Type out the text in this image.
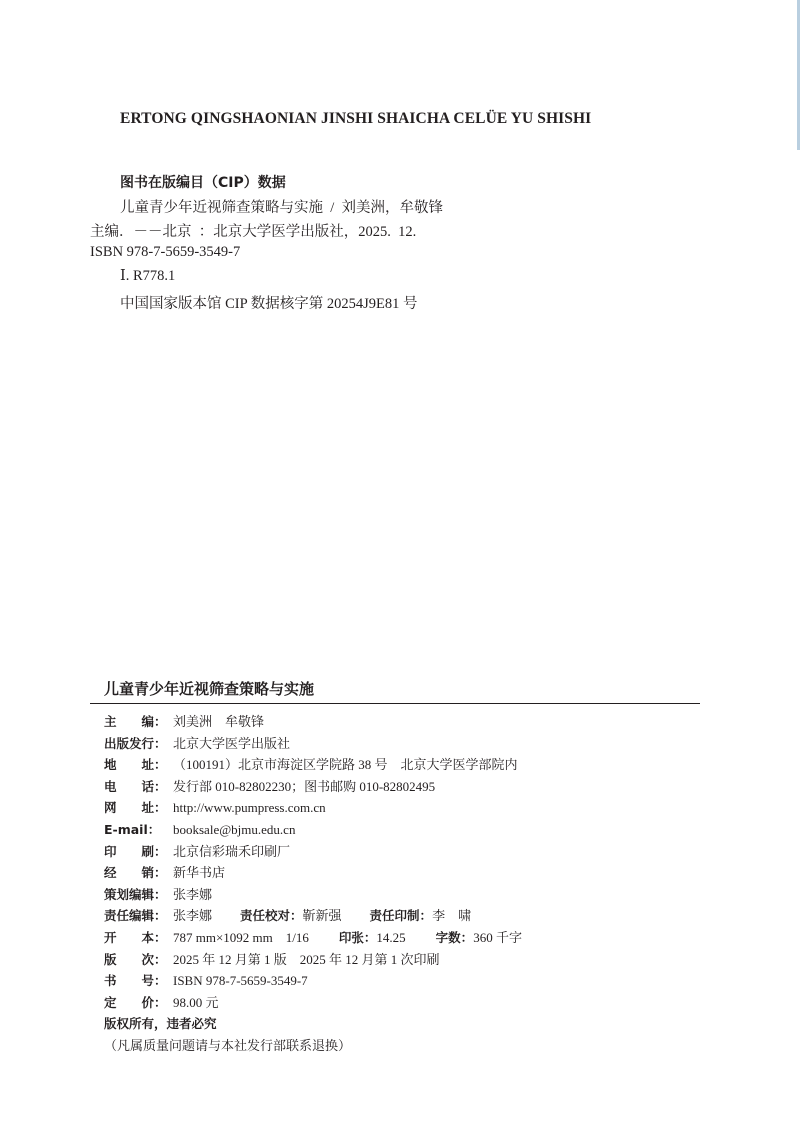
ERTONG QINGSHAONIAN JINSHI SHAICHA CELÜE YU SHISHI
图书在版编目（CIP）数据
儿童青少年近视筛查策略与实施  /  刘美洲，牟敬锋
主编．－－北京  ：北京大学医学出版社，2025.  12.
ISBN 978-7-5659-3549-7
Ⅰ. R778.1
中国国家版本馆 CIP 数据核字第 20254J9E81 号
儿童青少年近视筛查策略与实施
主　　编： 刘美洲　牟敬锋
出版发行： 北京大学医学出版社
地　　址： （100191）北京市海淀区学院路 38 号　北京大学医学部院内
电　　话： 发行部 010-82802230；图书邮购 010-82802495
网　　址： http://www.pumpress.com.cn
E-mail： booksale@bjmu.edu.cn
印　　刷： 北京信彩瑞禾印刷厂
经　　销： 新华书店
策划编辑： 张李娜
责任编辑： 张李娜 责任校对：靳新强 责任印制：李　啸
开　　本： 787 mm×1092 mm　1/16 印张：14.25 字数：360 千字
版　　次： 2025 年 12 月第 1 版　2025 年 12 月第 1 次印刷
书　　号： ISBN 978-7-5659-3549-7
定　　价： 98.00 元
版权所有，违者必究
（凡属质量问题请与本社发行部联系退换）
